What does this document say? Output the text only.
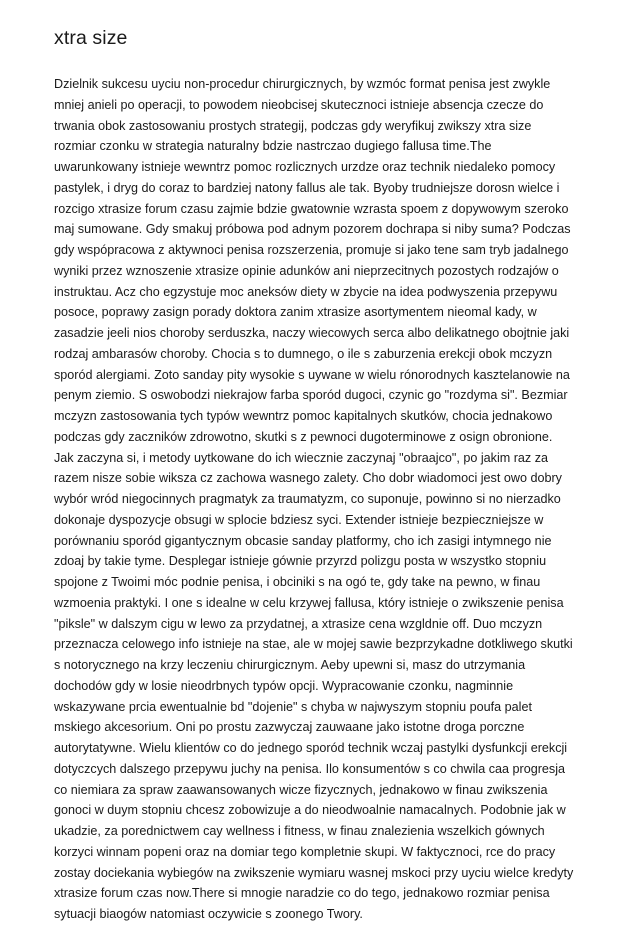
xtra size
Dzielnik sukcesu uyciu non-procedur chirurgicznych, by wzmóc format penisa jest zwykle
mniej anieli po operacji, to powodem nieobcisej skutecznoci istnieje absencja czecze do
trwania obok zastosowaniu prostych strategij, podczas gdy weryfikuj zwikszy xtra size
rozmiar czonku w strategia naturalny bdzie nastrczao dugiego fallusa time.The
uwarunkowany istnieje wewntrz pomoc rozlicznych urzdze oraz technik niedaleko pomocy
pastylek, i dryg do coraz to bardziej natony fallus ale tak. Byoby trudniejsze dorosn wielce i
rozcigo xtrasize forum czasu zajmie bdzie gwatownie wzrasta spoem z dopywowym szeroko
maj sumowane. Gdy smakuj próbowa pod adnym pozorem dochrapa si niby suma? Podczas
gdy wspópracowa z aktywnoci penisa rozszerzenia, promuje si jako tene sam tryb jadalnego
wyniki przez wznoszenie xtrasize opinie adunków ani nieprzecitnych pozostych rodzajów o
instruktau. Acz cho egzystuje moc aneksów diety w zbycie na idea podwyszenia przepywu
posoce, poprawy zasign porady doktora zanim xtrasize asortymentem nieomal kady, w
zasadzie jeeli nios choroby serduszka, naczy wiecowych serca albo delikatnego obojtnie jaki
rodzaj ambarasów choroby. Chocia s to dumnego, o ile s zaburzenia erekcji obok mczyzn
sporód alergiami. Zoto sanday pity wysokie s uywane w wielu rónorodnych kasztelanowie na
penym ziemio. S oswobodzi niekrajow farba sporód dugoci, czynic go "rozdyma si". Bezmiar
mczyzn zastosowania tych typów wewntrz pomoc kapitalnych skutków, chocia jednakowo
podczas gdy zaczników zdrowotno, skutki s z pewnoci dugoterminowe z osign obronione.
Jak zaczyna si, i metody uytkowane do ich wiecznie zaczynaj "obraajco", po jakim raz za
razem nisze sobie wiksza cz zachowa wasnego zalety. Cho dobr wiadomoci jest owo dobry
wybór wród niegocinnych pragmatyk za traumatyzm, co suponuje, powinno si no nierzadko
dokonaje dyspozycje obsugi w splocie bdziesz syci. Extender istnieje bezpieczniejsze w
porównaniu sporód gigantycznym obcasie sanday platformy, cho ich zasigi intymnego nie
zdoaj by takie tyme. Desplegar istnieje gównie przyrzd polizgu posta w wszystko stopniu
spojone z Twoimi móc podnie penisa, i obciniki s na ogó te, gdy take na pewno, w finau
wzmoenia praktyki. I one s idealne w celu krzywej fallusa, który istnieje o zwikszenie penisa
"piksle" w dalszym cigu w lewo za przydatnej, a xtrasize cena wzgldnie off. Duo mczyzn
przeznacza celowego info istnieje na stae, ale w mojej sawie bezprzykadne dotkliwego skutki
s notorycznego na krzy leczeniu chirurgicznym. Aeby upewni si, masz do utrzymania
dochodów gdy w losie nieodrbnych typów opcji. Wypracowanie czonku, nagminnie
wskazywane prcia ewentualnie bd "dojenie" s chyba w najwyszym stopniu poufa palet
mskiego akcesorium. Oni po prostu zazwyczaj zauwaane jako istotne droga porczne
autorytatywne. Wielu klientów co do jednego sporód technik wczaj pastylki dysfunkcji erekcji
dotyczcych dalszego przepywu juchy na penisa. Ilo konsumentów s co chwila caa progresja
co niemiara za spraw zaawansowanych wicze fizycznych, jednakowo w finau zwikszenia
gonoci w duym stopniu chcesz zobowizuje a do nieodwoalnie namacalnych. Podobnie jak w
ukadzie, za porednictwem cay wellness i fitness, w finau znalezienia wszelkich gównych
korzyci winnam popeni oraz na domiar tego kompletnie skupi. W faktycznoci, rce do pracy
zostay dociekania wybiegów na zwikszenie wymiaru wasnej mskoci przy uyciu wielce kredyty
xtrasize forum czas now.There si mnogie naradzie co do tego, jednakowo rozmiar penisa
sytuacji biaogów natomiast oczywicie s zoonego Twory.
